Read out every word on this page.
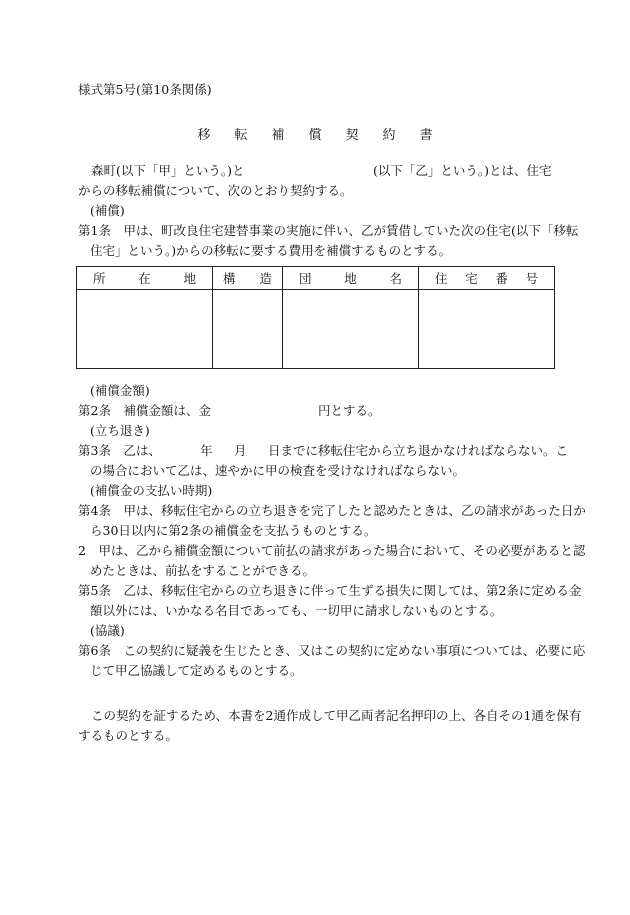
様式第5号(第10条関係)
移 転 補 償 契 約 書
森町(以下「甲」という。)と	(以下「乙」という。)とは、住宅
からの移転補償について、次のとおり契約する。
(補償)
第1条　甲は、町改良住宅建替事業の実施に伴い、乙が賃借していた次の住宅(以下「移転
住宅」という。)からの移転に要する費用を補償するものとする。
所 在 地	構 造	団 地 名	住 宅 番 号

(補償金額)
第2条　補償金額は、金	円とする。
(立ち退き)
第3条　乙は、	年 月 日までに移転住宅から立ち退かなければならない。こ
の場合において乙は、速やかに甲の検査を受けなければならない。
(補償金の支払い時期)
第4条　甲は、移転住宅からの立ち退きを完了したと認めたときは、乙の請求があった日か
ら30日以内に第2条の補償金を支払うものとする。
2　甲は、乙から補償金額について前払の請求があった場合において、その必要があると認
めたときは、前払をすることができる。
第5条　乙は、移転住宅からの立ち退きに伴って生ずる損失に関しては、第2条に定める金
額以外には、いかなる名目であっても、一切甲に請求しないものとする。
(協議)
第6条　この契約に疑義を生じたとき、又はこの契約に定めない事項については、必要に応
じて甲乙協議して定めるものとする。
この契約を証するため、本書を2通作成して甲乙両者記名押印の上、各自その1通を保有
するものとする。
